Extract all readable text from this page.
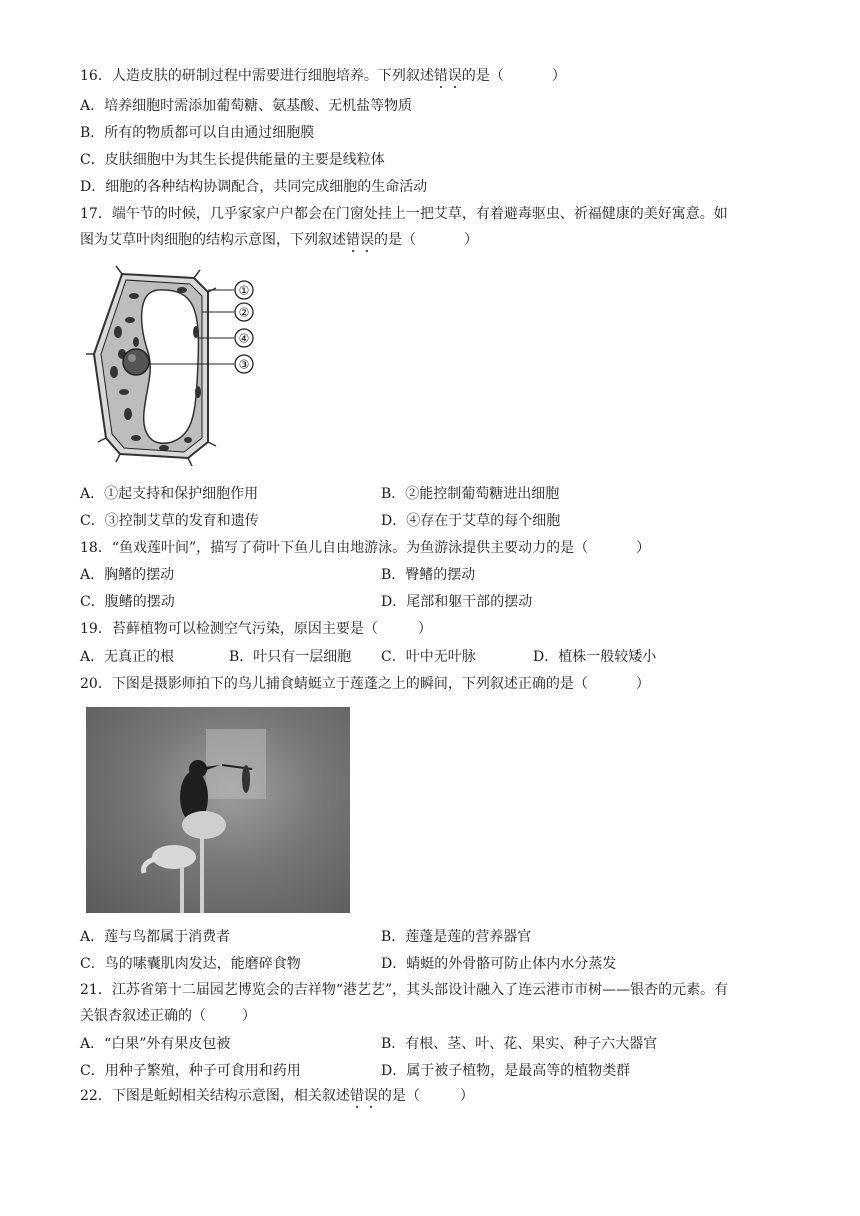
16．人造皮肤的研制过程中需要进行细胞培养。下列叙述错误的是（	）
A．培养细胞时需添加葡萄糖、氨基酸、无机盐等物质
B．所有的物质都可以自由通过细胞膜
C．皮肤细胞中为其生长提供能量的主要是线粒体
D．细胞的各种结构协调配合，共同完成细胞的生命活动
17．端午节的时候，几乎家家户户都会在门窗处挂上一把艾草，有着避毒驱虫、祈福健康的美好寓意。如
图为艾草叶肉细胞的结构示意图，下列叙述错误的是（	）
①
②
④
③
A．①起支持和保护细胞作用	B．②能控制葡萄糖进出细胞
C．③控制艾草的发育和遗传	D．④存在于艾草的每个细胞
18．“鱼戏莲叶间”，描写了荷叶下鱼儿自由地游泳。为鱼游泳提供主要动力的是（	）
A．胸鳍的摆动	B．臀鳍的摆动
C．腹鳍的摆动	D．尾部和躯干部的摆动
19．苔藓植物可以检测空气污染，原因主要是（	）
A．无真正的根	B．叶只有一层细胞 C．叶中无叶脉	D．植株一般较矮小
20．下图是摄影师拍下的鸟儿捕食蜻蜓立于莲蓬之上的瞬间，下列叙述正确的是（	）
A．莲与鸟都属于消费者	B．莲蓬是莲的营养器官
C．鸟的嗉囊肌肉发达，能磨碎食物	D．蜻蜓的外骨骼可防止体内水分蒸发
21．江苏省第十二届园艺博览会的吉祥物“港艺艺”，其头部设计融入了连云港市市树——银杏的元素。有
关银杏叙述正确的（	）
A．“白果”外有果皮包被	B．有根、茎、叶、花、果实、种子六大器官
C．用种子繁殖，种子可食用和药用	D．属于被子植物，是最高等的植物类群
22．下图是蚯蚓相关结构示意图，相关叙述错误的是（	）
